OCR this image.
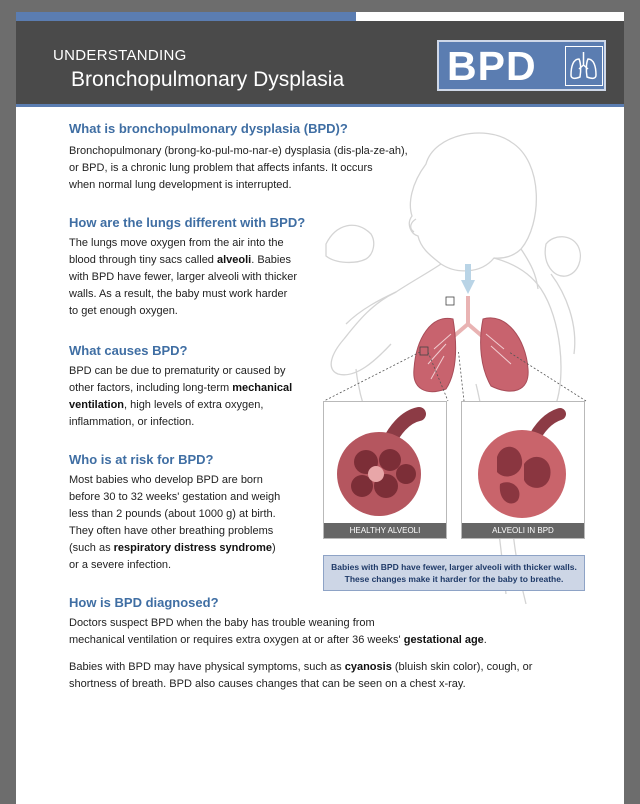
UNDERSTANDING
Bronchopulmonary Dysplasia	BPD
HEALTHY ALVEOLI	ALVEOLI IN BPD
Babies with BPD have fewer, larger alveoli with thicker walls.
These changes make it harder for the baby to breathe.
What is bronchopulmonary dysplasia (BPD)?

Bronchopulmonary (brong-ko-pul-mo-nar-e) dysplasia (dis-pla-ze-ah),
or BPD, is a chronic lung problem that affects infants. It occurs
when normal lung development is interrupted.

How are the lungs different with BPD?

The lungs move oxygen from the air into the
blood through tiny sacs called alveoli. Babies
with BPD have fewer, larger alveoli with thicker
walls. As a result, the baby must work harder
to get enough oxygen.

What causes BPD?

BPD can be due to prematurity or caused by
other factors, including long-term mechanical
ventilation, high levels of extra oxygen,
inflammation, or infection.

Who is at risk for BPD?

Most babies who develop BPD are born
before 30 to 32 weeks' gestation and weigh
less than 2 pounds (about 1000 g) at birth.
They often have other breathing problems
(such as respiratory distress syndrome)
or a severe infection.

How is BPD diagnosed?

Doctors suspect BPD when the baby has trouble weaning from
mechanical ventilation or requires extra oxygen at or after 36 weeks' gestational age.

Babies with BPD may have physical symptoms, such as cyanosis (bluish skin color), cough, or
shortness of breath. BPD also causes changes that can be seen on a chest x-ray.
